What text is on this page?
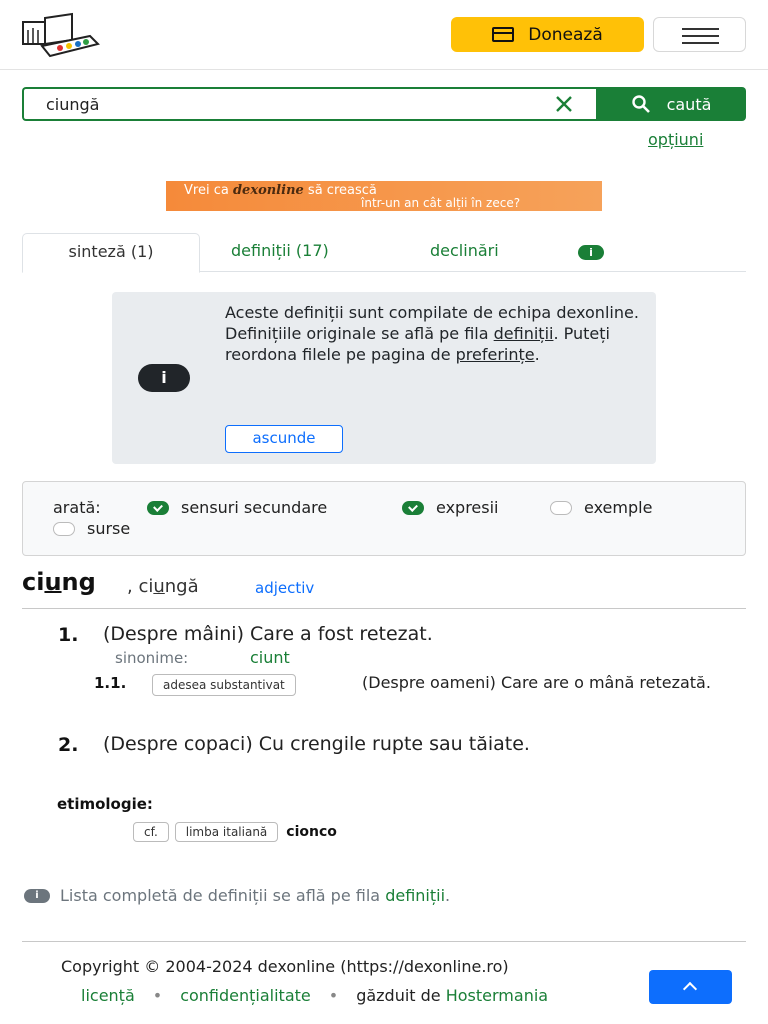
Donează
ciungă
caută
opțiuni
Vrei ca dexonline să crească
într-un an cât alții în zece?
sinteză (1)	definiții (17)	declinări	i
i
Aceste definiții sunt compilate de echipa dexonline. Definițiile originale se află pe fila definiții. Puteți reordona filele pe pagina de preferințe.
ascunde
arată:	sensuri secundare	expresii	exemple
surse
ciung , ciungă	adjectiv
1. (Despre mâini) Care a fost retezat.
sinonime:	ciunt
1.1.	adesea substantivat	(Despre oameni) Care are o mână retezată.
2.	(Despre copaci) Cu crengile rupte sau tăiate.
etimologie:
cf.	limba italiană	cionco
i	Lista completă de definiții se află pe fila definiții.
Copyright © 2004-2024 dexonline (https://dexonline.ro)
licență • confidențialitate • găzduit de Hostermania
